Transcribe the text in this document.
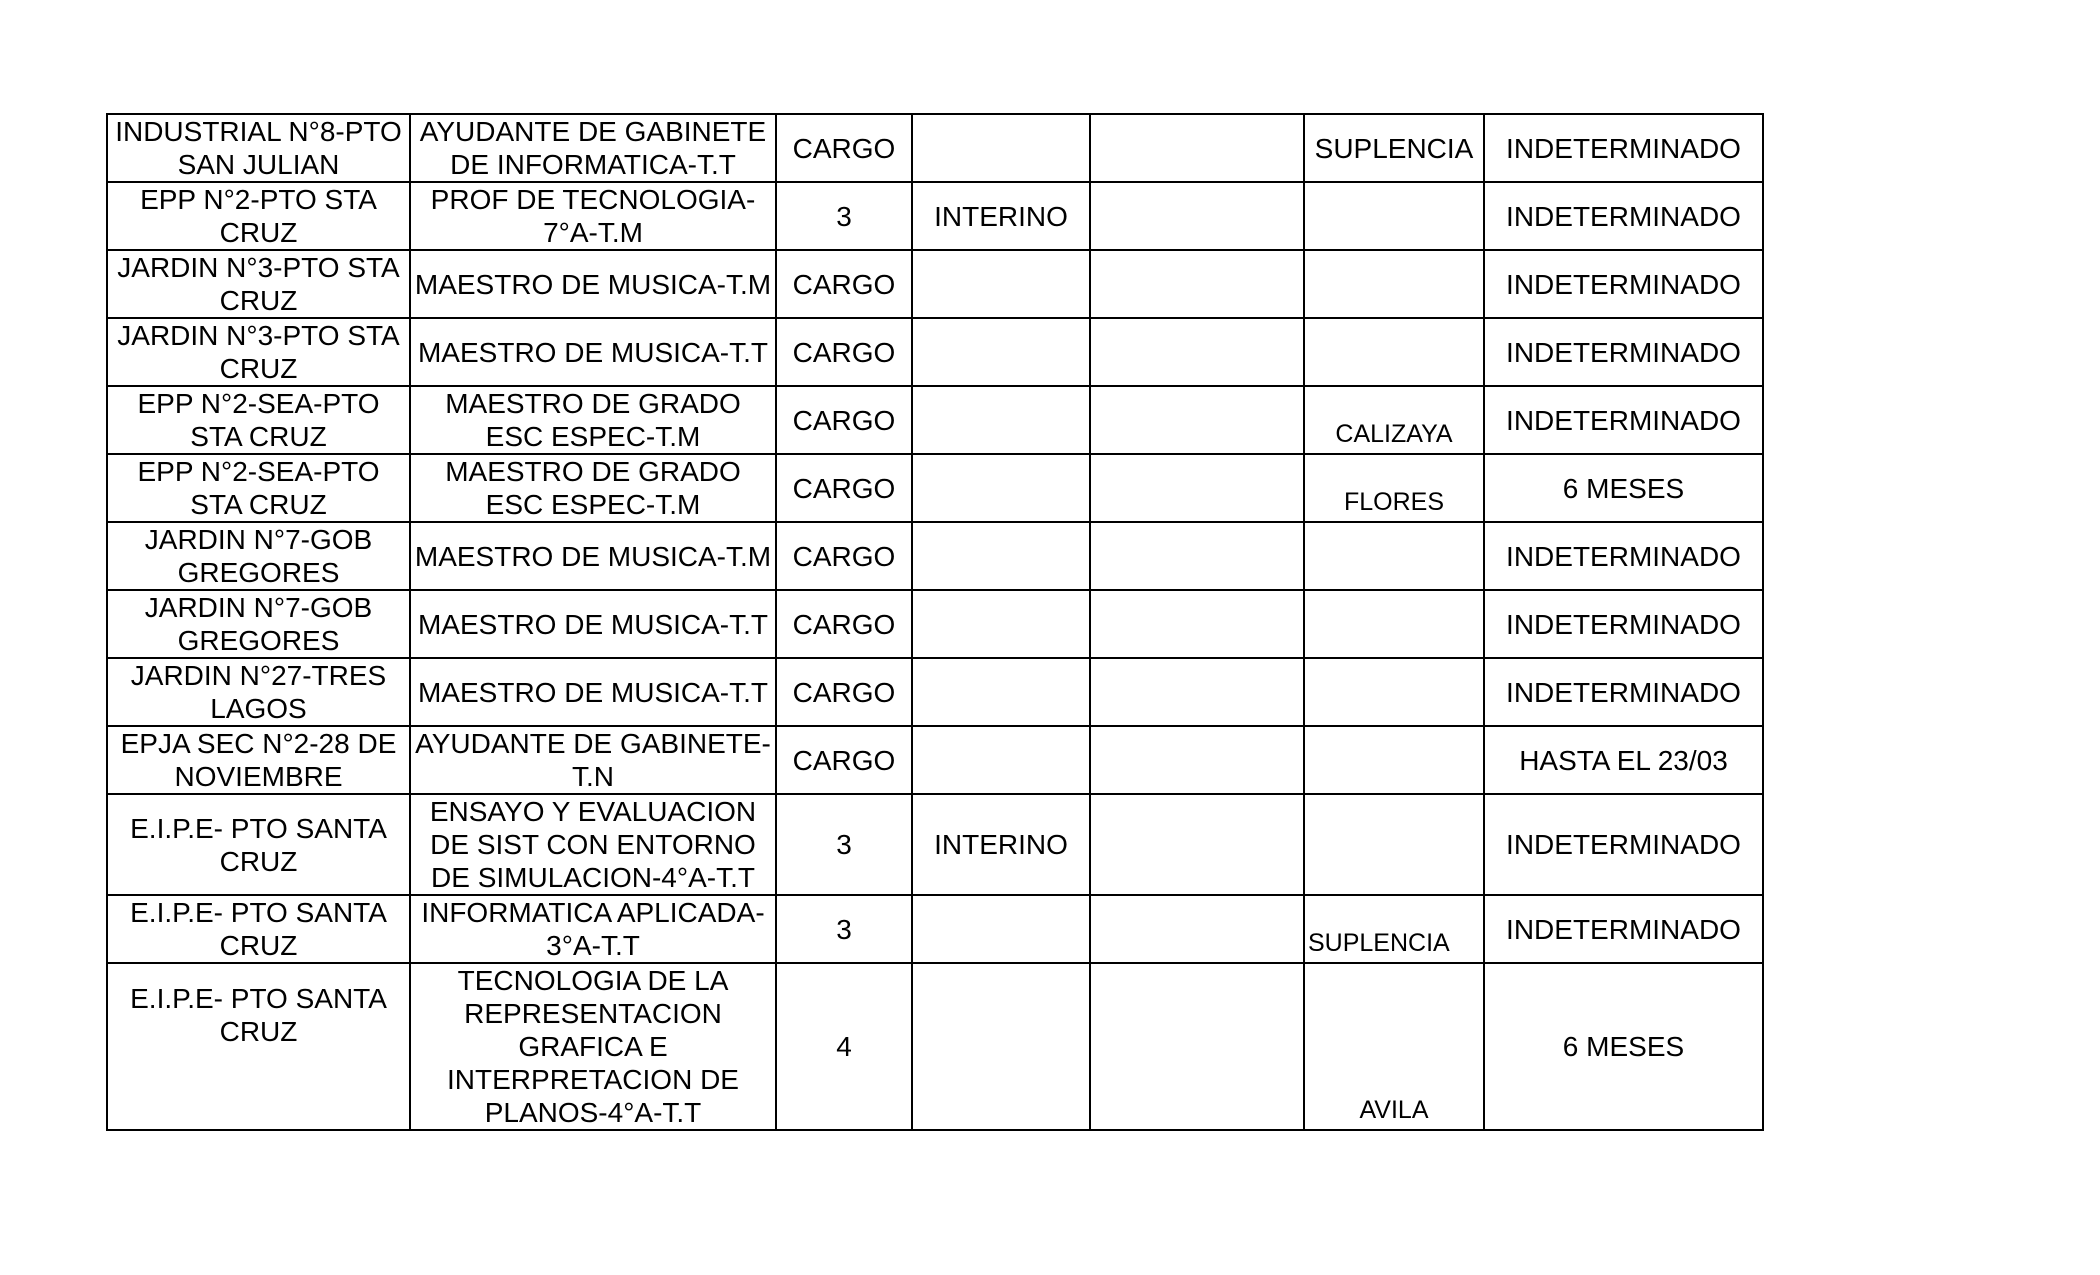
INDUSTRIAL N°8-PTO SAN JULIAN	AYUDANTE DE GABINETE DE INFORMATICA-T.T	CARGO			SUPLENCIA	INDETERMINADO
EPP N°2-PTO STA CRUZ	PROF DE TECNOLOGIA-7°A-T.M	3	INTERINO			INDETERMINADO
JARDIN N°3-PTO STA CRUZ	MAESTRO DE MUSICA-T.M	CARGO				INDETERMINADO
JARDIN N°3-PTO STA CRUZ	MAESTRO DE MUSICA-T.T	CARGO				INDETERMINADO
EPP N°2-SEA-PTO STA CRUZ	MAESTRO DE GRADO ESC ESPEC-T.M	CARGO			CALIZAYA	INDETERMINADO
EPP N°2-SEA-PTO STA CRUZ	MAESTRO DE GRADO ESC ESPEC-T.M	CARGO			FLORES	6 MESES
JARDIN N°7-GOB GREGORES	MAESTRO DE MUSICA-T.M	CARGO				INDETERMINADO
JARDIN N°7-GOB GREGORES	MAESTRO DE MUSICA-T.T	CARGO				INDETERMINADO
JARDIN N°27-TRES LAGOS	MAESTRO DE MUSICA-T.T	CARGO				INDETERMINADO
EPJA SEC N°2-28 DE NOVIEMBRE	AYUDANTE DE GABINETE-T.N	CARGO				HASTA EL 23/03
E.I.P.E- PTO SANTA CRUZ	ENSAYO Y EVALUACION DE SIST CON ENTORNO DE SIMULACION-4°A-T.T	3	INTERINO			INDETERMINADO
E.I.P.E- PTO SANTA CRUZ	INFORMATICA APLICADA-3°A-T.T	3			SUPLENCIA	INDETERMINADO
E.I.P.E- PTO SANTA CRUZ	TECNOLOGIA DE LA REPRESENTACION GRAFICA E INTERPRETACION DE PLANOS-4°A-T.T	4			AVILA	6 MESES
